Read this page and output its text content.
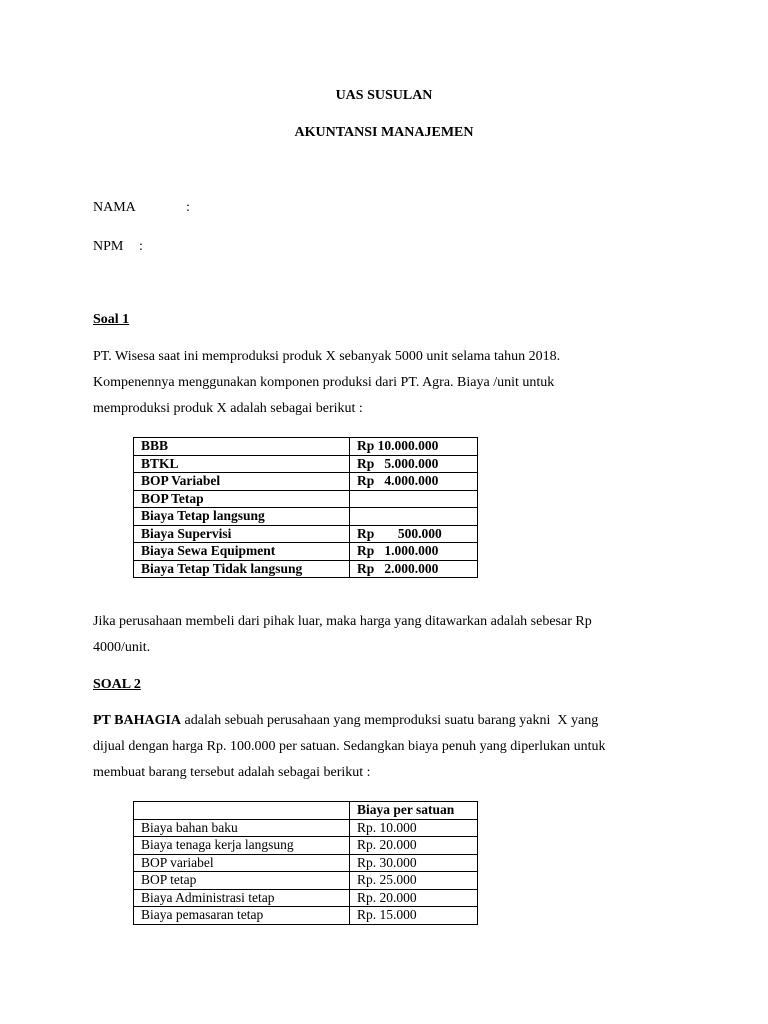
UAS SUSULAN
AKUNTANSI MANAJEMEN
NAMA	:
NPM :
Soal 1
PT. Wisesa saat ini memproduksi produk X sebanyak 5000 unit selama tahun 2018.
Kompenennya menggunakan komponen produksi dari PT. Agra. Biaya /unit untuk
memproduksi produk X adalah sebagai berikut :
BBB	Rp 10.000.000
BTKL	Rp   5.000.000
BOP Variabel	Rp   4.000.000
BOP Tetap	
Biaya Tetap langsung	
Biaya Supervisi	Rp       500.000
Biaya Sewa Equipment	Rp   1.000.000
Biaya Tetap Tidak langsung	Rp   2.000.000
Jika perusahaan membeli dari pihak luar, maka harga yang ditawarkan adalah sebesar Rp
4000/unit.
SOAL 2
PT BAHAGIA adalah sebuah perusahaan yang memproduksi suatu barang yakni  X yang
dijual dengan harga Rp. 100.000 per satuan. Sedangkan biaya penuh yang diperlukan untuk
membuat barang tersebut adalah sebagai berikut :
	Biaya per satuan
Biaya bahan baku	Rp. 10.000
Biaya tenaga kerja langsung	Rp. 20.000
BOP variabel	Rp. 30.000
BOP tetap	Rp. 25.000
Biaya Administrasi tetap	Rp. 20.000
Biaya pemasaran tetap	Rp. 15.000
